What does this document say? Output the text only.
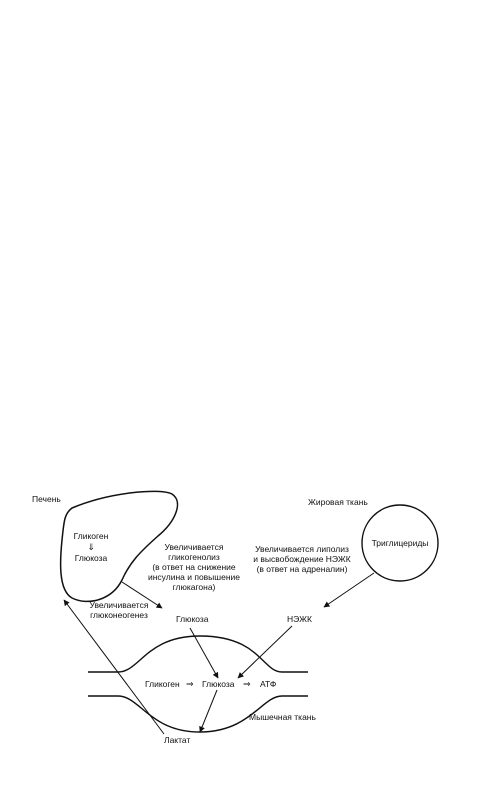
Печень
Гликоген
⇓
Глюкоза
Увеличивается
гликогенолиз
(в ответ на снижение
инсулина и повышение
глюкагона)
Жировая ткань
Триглицериды
Увеличивается липолиз
и высвобождение НЭЖК
(в ответ на адреналин)
Увеличивается
глюконеогенез	Глюкоза	НЭЖК
Гликоген ⇒ Глюкоза ⇒ АТФ
Мышечная ткань
Лактат
